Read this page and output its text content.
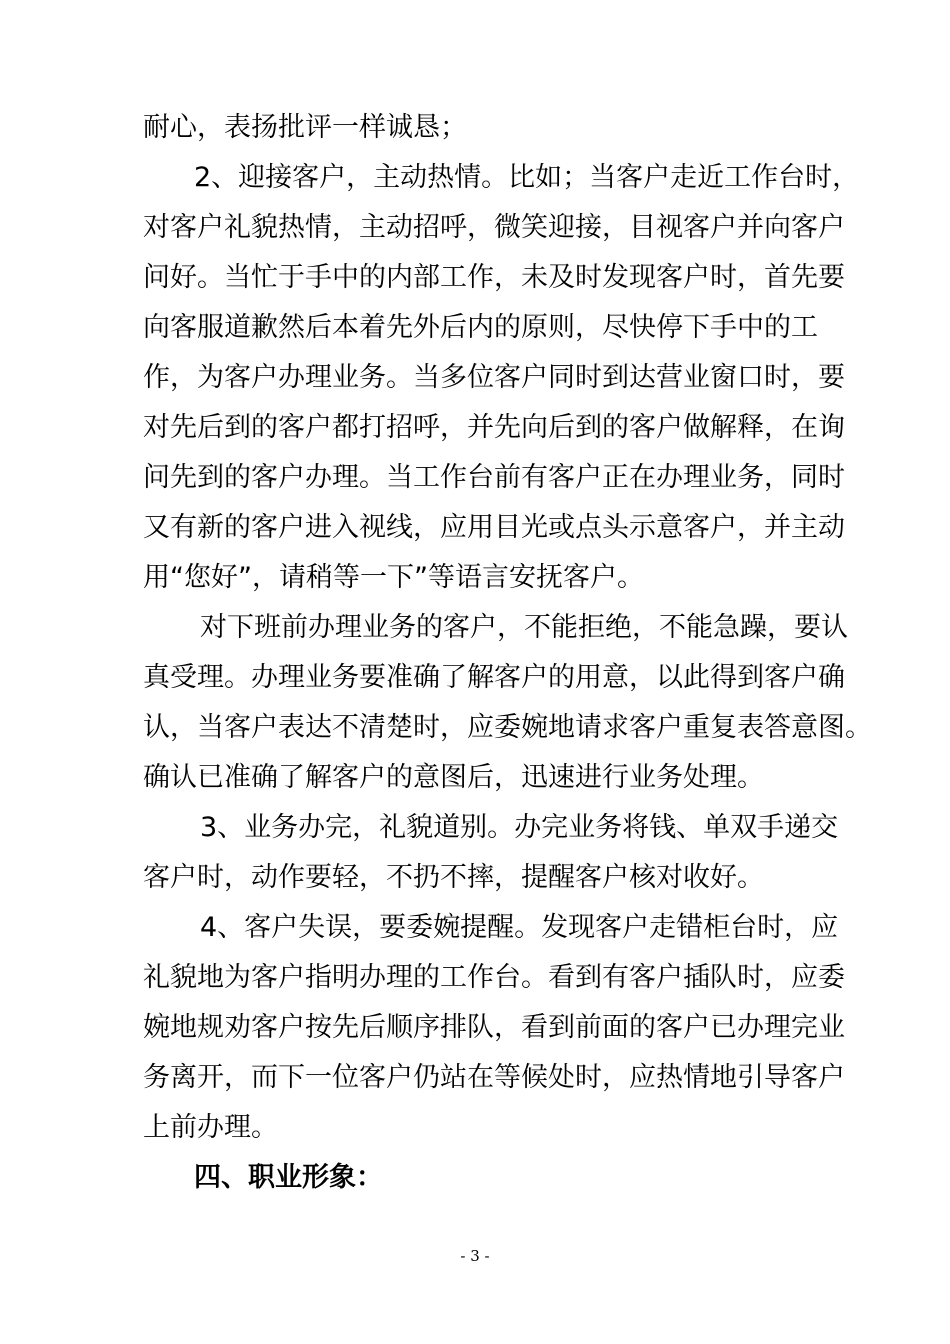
耐心，表扬批评一样诚恳；
2、迎接客户，主动热情。比如；当客户走近工作台时，
对客户礼貌热情，主动招呼，微笑迎接，目视客户并向客户
问好。当忙于手中的内部工作，未及时发现客户时，首先要
向客服道歉然后本着先外后内的原则，尽快停下手中的工
作，为客户办理业务。当多位客户同时到达营业窗口时，要
对先后到的客户都打招呼，并先向后到的客户做解释，在询
问先到的客户办理。当工作台前有客户正在办理业务，同时
又有新的客户进入视线，应用目光或点头示意客户，并主动
用“您好”，请稍等一下”等语言安抚客户。
对下班前办理业务的客户，不能拒绝，不能急躁，要认
真受理。办理业务要准确了解客户的用意，以此得到客户确
认，当客户表达不清楚时，应委婉地请求客户重复表答意图。
确认已准确了解客户的意图后，迅速进行业务处理。
3、业务办完，礼貌道别。办完业务将钱、单双手递交
客户时，动作要轻，不扔不摔，提醒客户核对收好。
4、客户失误，要委婉提醒。发现客户走错柜台时，应
礼貌地为客户指明办理的工作台。看到有客户插队时，应委
婉地规劝客户按先后顺序排队，看到前面的客户已办理完业
务离开，而下一位客户仍站在等候处时，应热情地引导客户
上前办理。
四、职业形象：
- 3 -
